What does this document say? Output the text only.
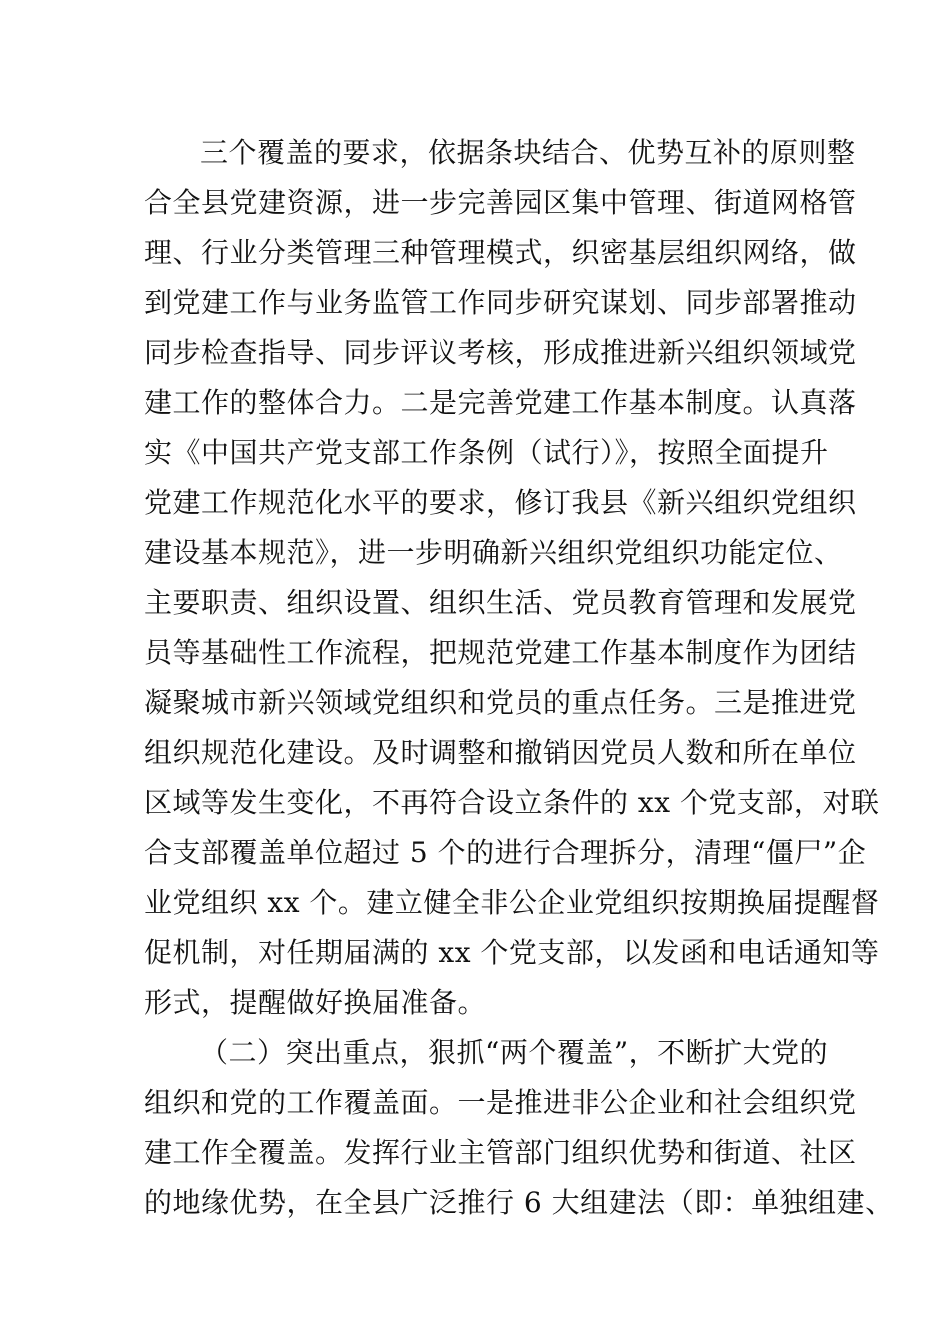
三个覆盖的要求，依据条块结合、优势互补的原则整
合全县党建资源，进一步完善园区集中管理、街道网格管
理、行业分类管理三种管理模式，织密基层组织网络，做
到党建工作与业务监管工作同步研究谋划、同步部署推动
同步检查指导、同步评议考核，形成推进新兴组织领域党
建工作的整体合力。二是完善党建工作基本制度。认真落
实《中国共产党支部工作条例（试行）》，按照全面提升
党建工作规范化水平的要求，修订我县《新兴组织党组织
建设基本规范》，进一步明确新兴组织党组织功能定位、
主要职责、组织设置、组织生活、党员教育管理和发展党
员等基础性工作流程，把规范党建工作基本制度作为团结
凝聚城市新兴领域党组织和党员的重点任务。三是推进党
组织规范化建设。及时调整和撤销因党员人数和所在单位
区域等发生变化，不再符合设立条件的 xx 个党支部，对联
合支部覆盖单位超过 5 个的进行合理拆分，清理“僵尸”企
业党组织 xx 个。建立健全非公企业党组织按期换届提醒督
促机制，对任期届满的 xx 个党支部，以发函和电话通知等
形式，提醒做好换届准备。
（二）突出重点，狠抓“两个覆盖”，不断扩大党的
组织和党的工作覆盖面。一是推进非公企业和社会组织党
建工作全覆盖。发挥行业主管部门组织优势和街道、社区
的地缘优势，在全县广泛推行 6 大组建法（即：单独组建、
